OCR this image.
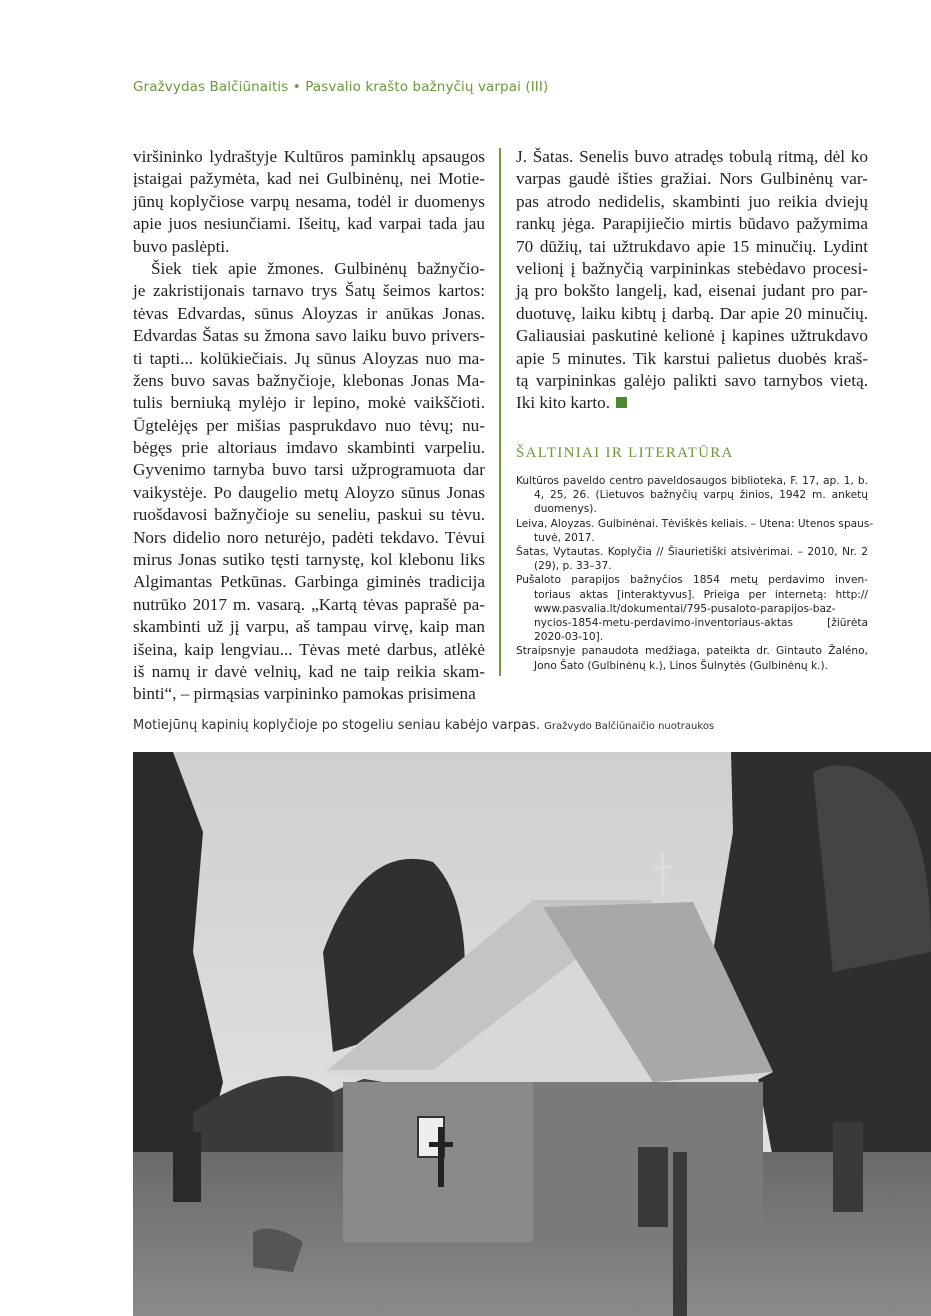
Gražvydas Balčiūnaitis • Pasvalio krašto bažnyčių varpai (III)
viršininko lydraštyje Kultūros paminklų apsaugos
įstaigai pažymėta, kad nei Gulbinėnų, nei Motie-
jūnų koplyčiose varpų nesama, todėl ir duomenys
apie juos nesiunčiami. Išeitų, kad varpai tada jau
buvo paslėpti.
Šiek tiek apie žmones. Gulbinėnų bažnyčio-
je zakristijonais tarnavo trys Šatų šeimos kartos:
tėvas Edvardas, sūnus Aloyzas ir anūkas Jonas.
Edvardas Šatas su žmona savo laiku buvo privers-
ti tapti... kolūkiečiais. Jų sūnus Aloyzas nuo ma-
žens buvo savas bažnyčioje, klebonas Jonas Ma-
tulis berniuką mylėjo ir lepino, mokė vaikščioti.
Ūgtelėjęs per mišias pasprukdavo nuo tėvų; nu-
bėgęs prie altoriaus imdavo skambinti varpeliu.
Gyvenimo tarnyba buvo tarsi užprogramuota dar
vaikystėje. Po daugelio metų Aloyzo sūnus Jonas
ruošdavosi bažnyčioje su seneliu, paskui su tėvu.
Nors didelio noro neturėjo, padėti tekdavo. Tėvui
mirus Jonas sutiko tęsti tarnystę, kol klebonu liks
Algimantas Petkūnas. Garbinga giminės tradicija
nutrūko 2017 m. vasarą. „Kartą tėvas paprašė pa-
skambinti už jį varpu, aš tampau virvę, kaip man
išeina, kaip lengviau... Tėvas metė darbus, atlėkė
iš namų ir davė velnių, kad ne taip reikia skam-
binti“, – pirmąsias varpininko pamokas prisimena
J. Šatas. Senelis buvo atradęs tobulą ritmą, dėl ko
varpas gaudė išties gražiai. Nors Gulbinėnų var-
pas atrodo nedidelis, skambinti juo reikia dviejų
rankų jėga. Parapijiečio mirtis būdavo pažymima
70 dūžių, tai užtrukdavo apie 15 minučių. Lydint
velionį į bažnyčią varpininkas stebėdavo procesi-
ją pro bokšto langelį, kad, eisenai judant pro par-
duotuvę, laiku kibtų į darbą. Dar apie 20 minučių.
Galiausiai paskutinė kelionė į kapines užtrukdavo
apie 5 minutes. Tik karstui palietus duobės kraš-
tą varpininkas galėjo palikti savo tarnybos vietą.
Iki kito karto.
ŠALTINIAI IR LITERATŪRA
Kultūros paveldo centro paveldosaugos biblioteka, F. 17, ap. 1, b.
4, 25, 26. (Lietuvos bažnyčių varpų žinios, 1942 m. anketų
duomenys).
Leiva, Aloyzas. Gulbinėnai. Tėviškės keliais. – Utena: Utenos spaus-
tuvė, 2017.
Šatas, Vytautas. Koplyčia // Šiaurietiški atsivėrimai. – 2010, Nr. 2
(29), p. 33–37.
Pušaloto parapijos bažnyčios 1854 metų perdavimo inven-
toriaus aktas [interaktyvus]. Prieiga per internetą: http://
www.pasvalia.lt/dokumentai/795-pusaloto-parapijos-baz-
nycios-1854-metu-perdavimo-inventoriaus-aktas [žiūrėta
2020-03-10].
Straipsnyje panaudota medžiaga, pateikta dr. Gintauto Žaléno,
Jono Šato (Gulbinėnų k.), Linos Šulnytės (Gulbinėnų k.).
Motiejūnų kapinių koplyčioje po stogeliu seniau kabėjo varpas. Gražvydo Balčiūnaičio nuotraukos
